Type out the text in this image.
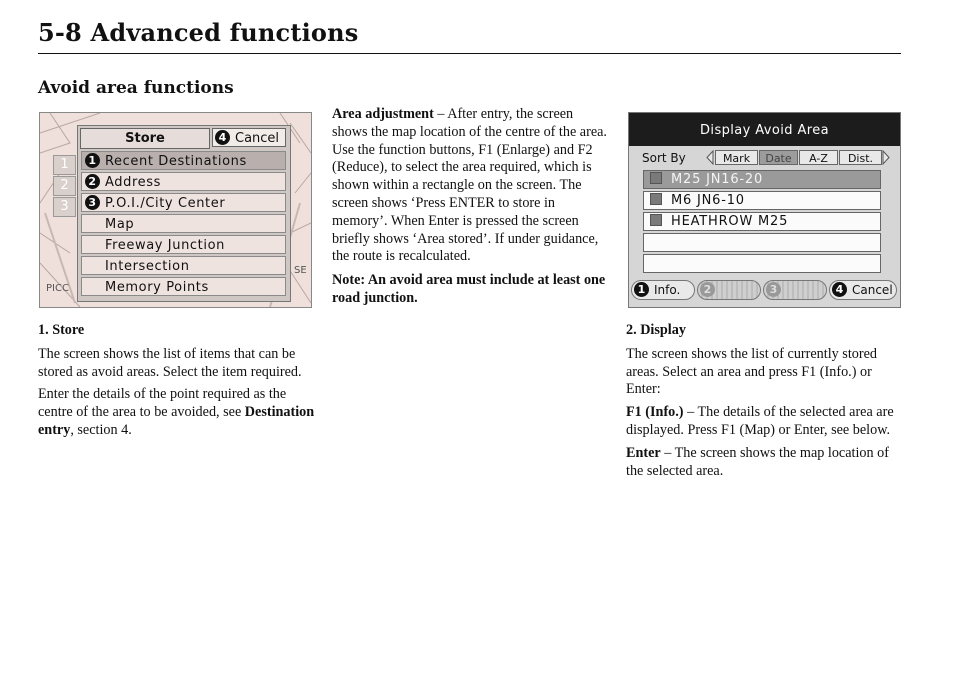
5-8 Advanced functions
Avoid area functions
PICC
SE
1
2
3
Store	4 Cancel
1 Recent Destinations
2 Address
3 P.O.I./City Center
Map
Freeway Junction
Intersection
Memory Points

1. Store

The screen shows the list of items that can be stored as avoid areas. Select the item required.

Enter the details of the point required as the centre of the area to be avoided, see Destination entry, section 4.

Area adjustment – After entry, the screen shows the map location of the centre of the area. Use the function buttons, F1 (Enlarge) and F2 (Reduce), to select the area required, which is shown within a rectangle on the screen. The screen shows ‘Press ENTER to store in memory’. When Enter is pressed the screen briefly shows ‘Area stored’. If under guidance, the route is recalculated.

Note: An avoid area must include at least one road junction.

Display Avoid Area
Sort By	Mark	Date	A-Z	Dist.
M25 JN16-20
M6 JN6-10
HEATHROW M25
1 Info.	2	3	4 Cancel

2. Display

The screen shows the list of currently stored areas. Select an area and press F1 (Info.) or Enter:

F1 (Info.) – The details of the selected area are displayed. Press F1 (Map) or Enter, see below.

Enter – The screen shows the map location of the selected area.
